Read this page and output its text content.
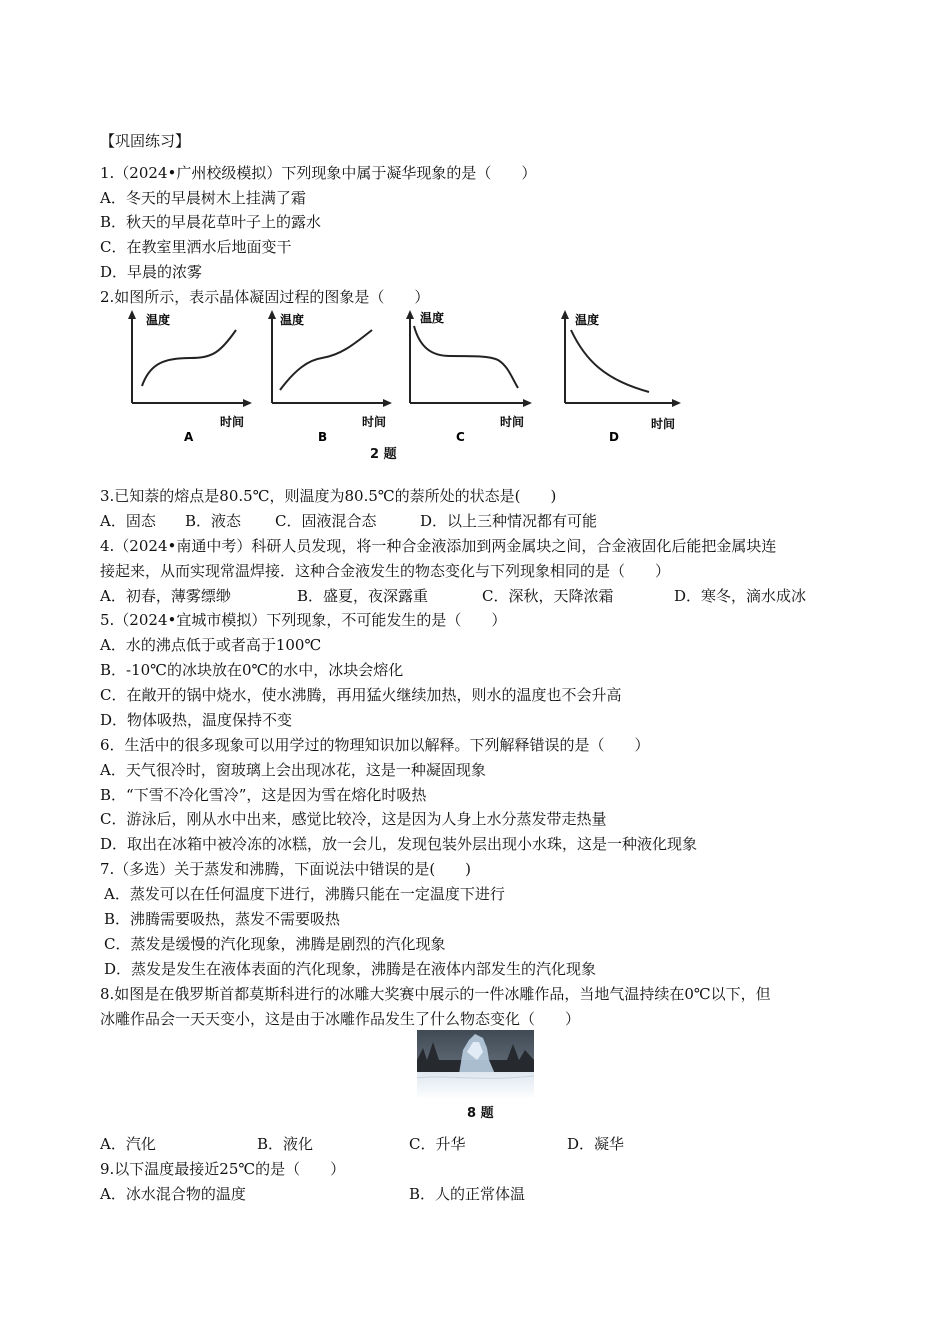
【巩固练习】
1.（2024•广州校级模拟）下列现象中属于凝华现象的是（　　）
A．冬天的早晨树木上挂满了霜
B．秋天的早晨花草叶子上的露水
C．在教室里洒水后地面变干
D．早晨的浓雾
2.如图所示，表示晶体凝固过程的图象是（　　）
温度
时间
A
温度
时间
B
温度
时间
C
温度
时间
D
2 题
3.已知萘的熔点是80.5℃，则温度为80.5℃的萘所处的状态是(　　)
A．固态 B．液态 C．固液混合态	D．以上三种情况都有可能
4.（2024•南通中考）科研人员发现，将一种合金液添加到两金属块之间，合金液固化后能把金属块连
接起来，从而实现常温焊接．这种合金液发生的物态变化与下列现象相同的是（　　）
A．初春，薄雾缥缈	B．盛夏，夜深露重	C．深秋，天降浓霜	D．寒冬，滴水成冰
5.（2024•宜城市模拟）下列现象，不可能发生的是（　　）
A．水的沸点低于或者高于100℃
B．-10℃的冰块放在0℃的水中，冰块会熔化
C．在敞开的锅中烧水，使水沸腾，再用猛火继续加热，则水的温度也不会升高
D．物体吸热，温度保持不变
6．生活中的很多现象可以用学过的物理知识加以解释。下列解释错误的是（　　）
A．天气很冷时，窗玻璃上会出现冰花，这是一种凝固现象
B．“下雪不冷化雪冷”，这是因为雪在熔化时吸热
C．游泳后，刚从水中出来，感觉比较冷，这是因为人身上水分蒸发带走热量
D．取出在冰箱中被冷冻的冰糕，放一会儿，发现包装外层出现小水珠，这是一种液化现象
7.（多选）关于蒸发和沸腾，下面说法中错误的是(　　)
A．蒸发可以在任何温度下进行，沸腾只能在一定温度下进行
B．沸腾需要吸热，蒸发不需要吸热
C．蒸发是缓慢的汽化现象，沸腾是剧烈的汽化现象
D．蒸发是发生在液体表面的汽化现象，沸腾是在液体内部发生的汽化现象
8.如图是在俄罗斯首都莫斯科进行的冰雕大奖赛中展示的一件冰雕作品，当地气温持续在0℃以下，但
冰雕作品会一天天变小，这是由于冰雕作品发生了什么物态变化（　　）
8 题
A．汽化	B．液化	C．升华	D．凝华
9.以下温度最接近25℃的是（　　）
A．冰水混合物的温度	B．人的正常体温
